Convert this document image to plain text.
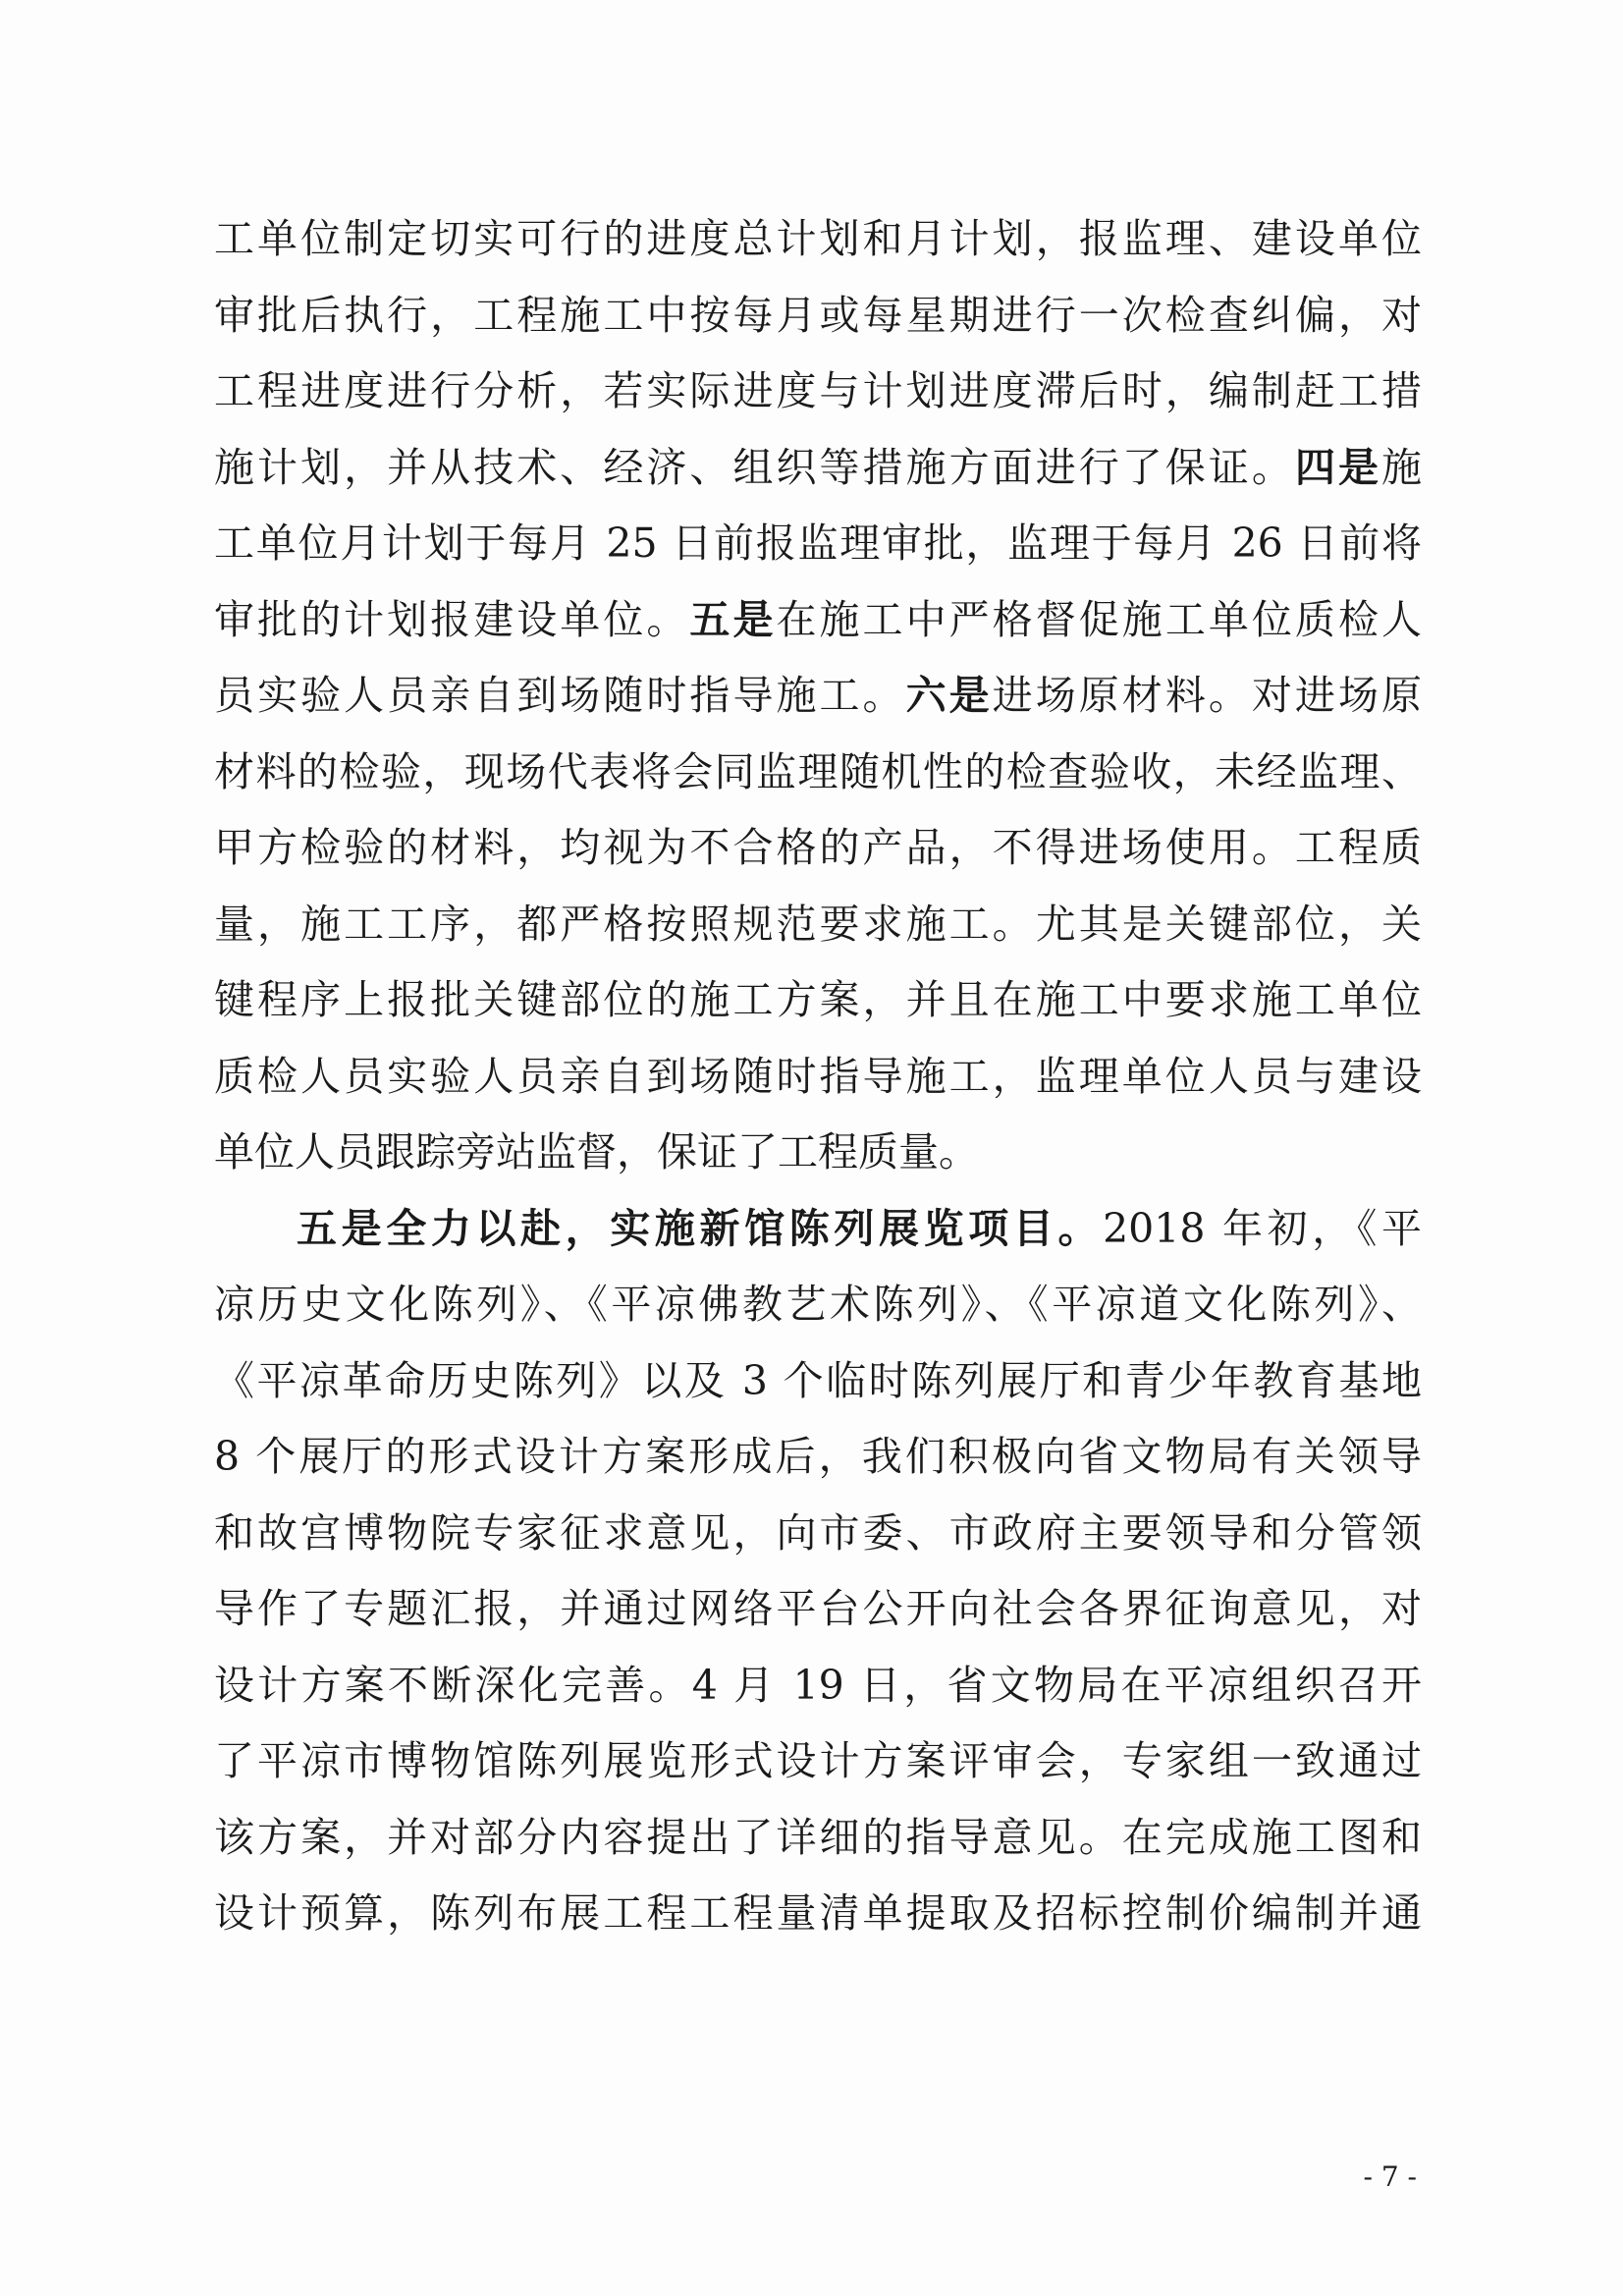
工单位制定切实可行的进度总计划和月计划，报监理、建设单位
审批后执行，工程施工中按每月或每星期进行一次检查纠偏，对
工程进度进行分析，若实际进度与计划进度滞后时，编制赶工措
施计划，并从技术、经济、组织等措施方面进行了保证。四是施
工单位月计划于每月 25 日前报监理审批，监理于每月 26 日前将
审批的计划报建设单位。五是在施工中严格督促施工单位质检人
员实验人员亲自到场随时指导施工。六是进场原材料。对进场原
材料的检验，现场代表将会同监理随机性的检查验收，未经监理、
甲方检验的材料，均视为不合格的产品，不得进场使用。工程质
量，施工工序，都严格按照规范要求施工。尤其是关键部位，关
键程序上报批关键部位的施工方案，并且在施工中要求施工单位
质检人员实验人员亲自到场随时指导施工，监理单位人员与建设
单位人员跟踪旁站监督，保证了工程质量。
五是全力以赴，实施新馆陈列展览项目。2018 年初，《平
凉历史文化陈列》、《平凉佛教艺术陈列》、《平凉道文化陈列》、
《平凉革命历史陈列》以及 3 个临时陈列展厅和青少年教育基地
8 个展厅的形式设计方案形成后，我们积极向省文物局有关领导
和故宫博物院专家征求意见，向市委、市政府主要领导和分管领
导作了专题汇报，并通过网络平台公开向社会各界征询意见，对
设计方案不断深化完善。4 月 19 日，省文物局在平凉组织召开
了平凉市博物馆陈列展览形式设计方案评审会，专家组一致通过
该方案，并对部分内容提出了详细的指导意见。在完成施工图和
设计预算，陈列布展工程工程量清单提取及招标控制价编制并通
- 7 -
